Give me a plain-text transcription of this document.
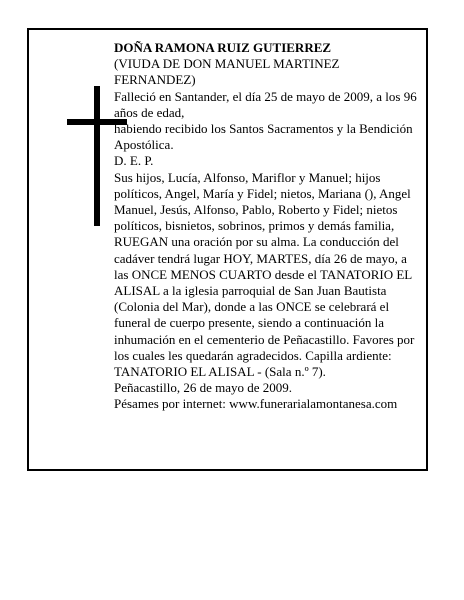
DOÑA RAMONA RUIZ GUTIERREZ

(VIUDA DE DON MANUEL MARTINEZ FERNANDEZ)

Falleció en Santander, el día 25 de mayo de 2009, a los 96 años de edad,

habiendo recibido los Santos Sacramentos y la Bendición Apostólica.

D. E. P.

Sus hijos, Lucía, Alfonso, Mariflor y Manuel; hijos políticos, Angel, María y Fidel; nietos, Mariana (), Angel Manuel, Jesús, Alfonso, Pablo, Roberto y Fidel; nietos políticos, bisnietos, sobrinos, primos y demás familia,

RUEGAN una oración por su alma. La conducción del cadáver tendrá lugar HOY, MARTES, día 26 de mayo, a las ONCE MENOS CUARTO desde el TANATORIO EL ALISAL a la iglesia parroquial de San Juan Bautista (Colonia del Mar), donde a las ONCE se celebrará el funeral de cuerpo presente, siendo a continuación la inhumación en el cementerio de Peñacastillo. Favores por los cuales les quedarán agradecidos. Capilla ardiente: TANATORIO EL ALISAL - (Sala n.º 7).

Peñacastillo, 26 de mayo de 2009.

Pésames por internet: www.funerarialamontanesa.com
